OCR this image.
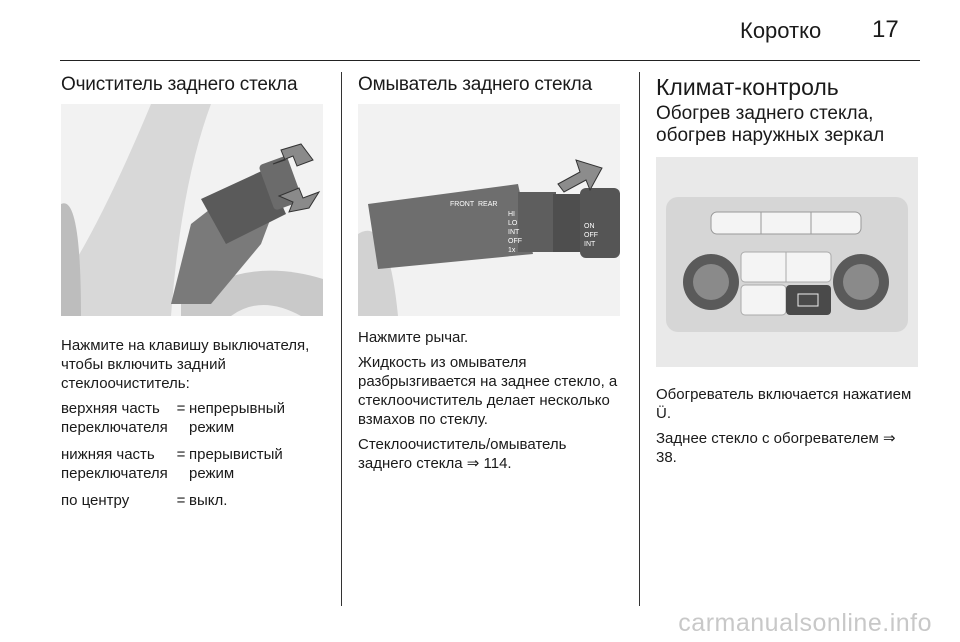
Коротко 17
Очиститель заднего стекла

Нажмите на клавишу выключателя, чтобы включить задний стеклоочиститель:

верхняя часть переключателя	=	непрерывный режим
нижняя часть переключателя	=	прерывистый режим
по центру	=	выкл.
Омыватель заднего стекла
FRONT REAR
HI
LO
INT
OFF
1x
ON
OFF
INT

Нажмите рычаг.

Жидкость из омывателя разбрызгивается на заднее стекло, а стеклоочиститель делает несколько взмахов по стеклу.

Стеклоочиститель/омыватель заднего стекла ⇒ 114.

Климат-контроль
Обогрев заднего стекла, обогрев наружных зеркал

Обогреватель включается нажатием Ü.

Заднее стекло с обогревателем ⇒ 38.

carmanualsonline.info
